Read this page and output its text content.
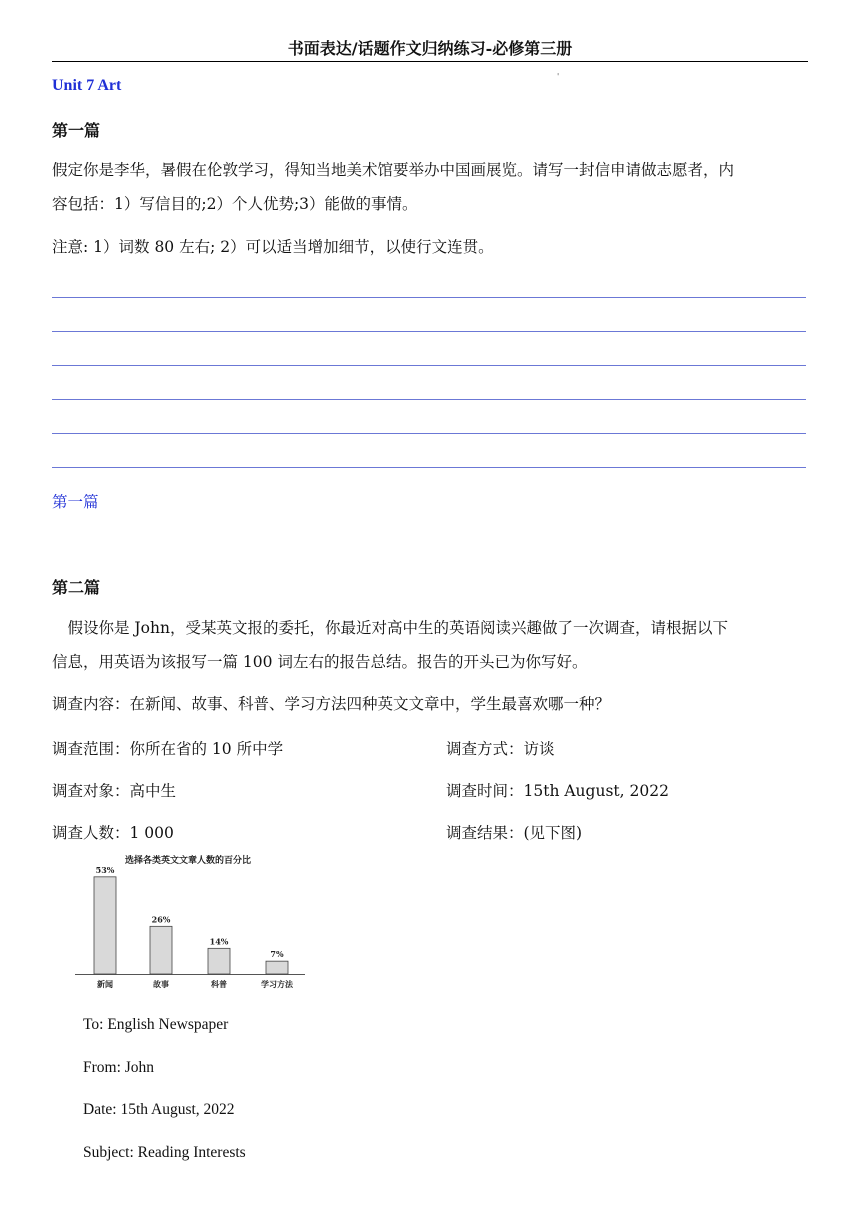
书面表达/话题作文归纳练习-必修第三册
Unit 7 Art
'
第一篇
假定你是李华，暑假在伦敦学习，得知当地美术馆要举办中国画展览。请写一封信申请做志愿者，内
容包括：1）写信目的;2）个人优势;3）能做的事情。
注意: 1）词数 80 左右; 2）可以适当增加细节，以使行文连贯。
第一篇
第二篇
　假设你是 John，受某英文报的委托，你最近对高中生的英语阅读兴趣做了一次调查，请根据以下
信息，用英语为该报写一篇 100 词左右的报告总结。报告的开头已为你写好。
调查内容：在新闻、故事、科普、学习方法四种英文文章中，学生最喜欢哪一种？
调查范围：你所在省的 10 所中学	调查方式：访谈
调查对象：高中生	调查时间：15th August, 2022
调查人数：1 000	调查结果：(见下图)
选择各类英文文章人数的百分比
53%
新闻
26%
故事
14%
科普
7%
学习方法
To: English Newspaper
From: John
Date: 15th August, 2022
Subject: Reading Interests
